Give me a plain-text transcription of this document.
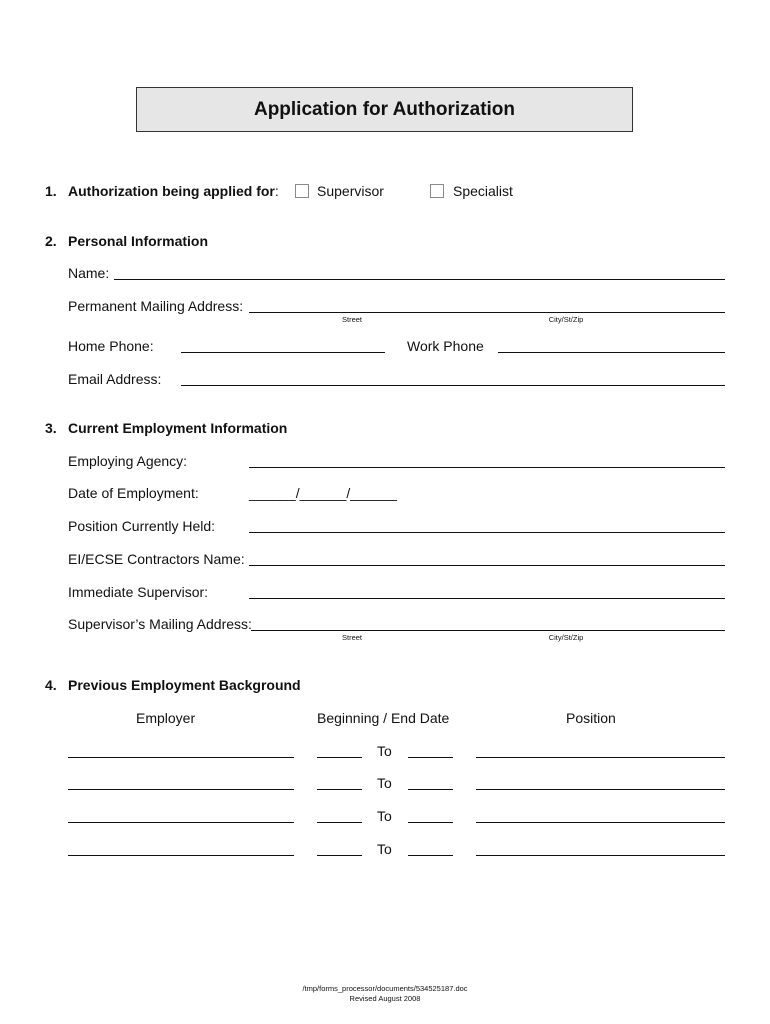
Application for Authorization
1. Authorization being applied for:	Supervisor	Specialist
2. Personal Information
Name:
Permanent Mailing Address:
Street	City/St/Zip
Home Phone:	Work Phone
Email Address:
3. Current Employment Information
Employing Agency:
Date of Employment:	______/______/______
Position Currently Held:
EI/ECSE Contractors Name:
Immediate Supervisor:
Supervisor’s Mailing Address:
Street	City/St/Zip
4. Previous Employment Background
Employer	Beginning / End Date	Position
To
To
To
To
/tmp/forms_processor/documents/534525187.doc
Revised August 2008
